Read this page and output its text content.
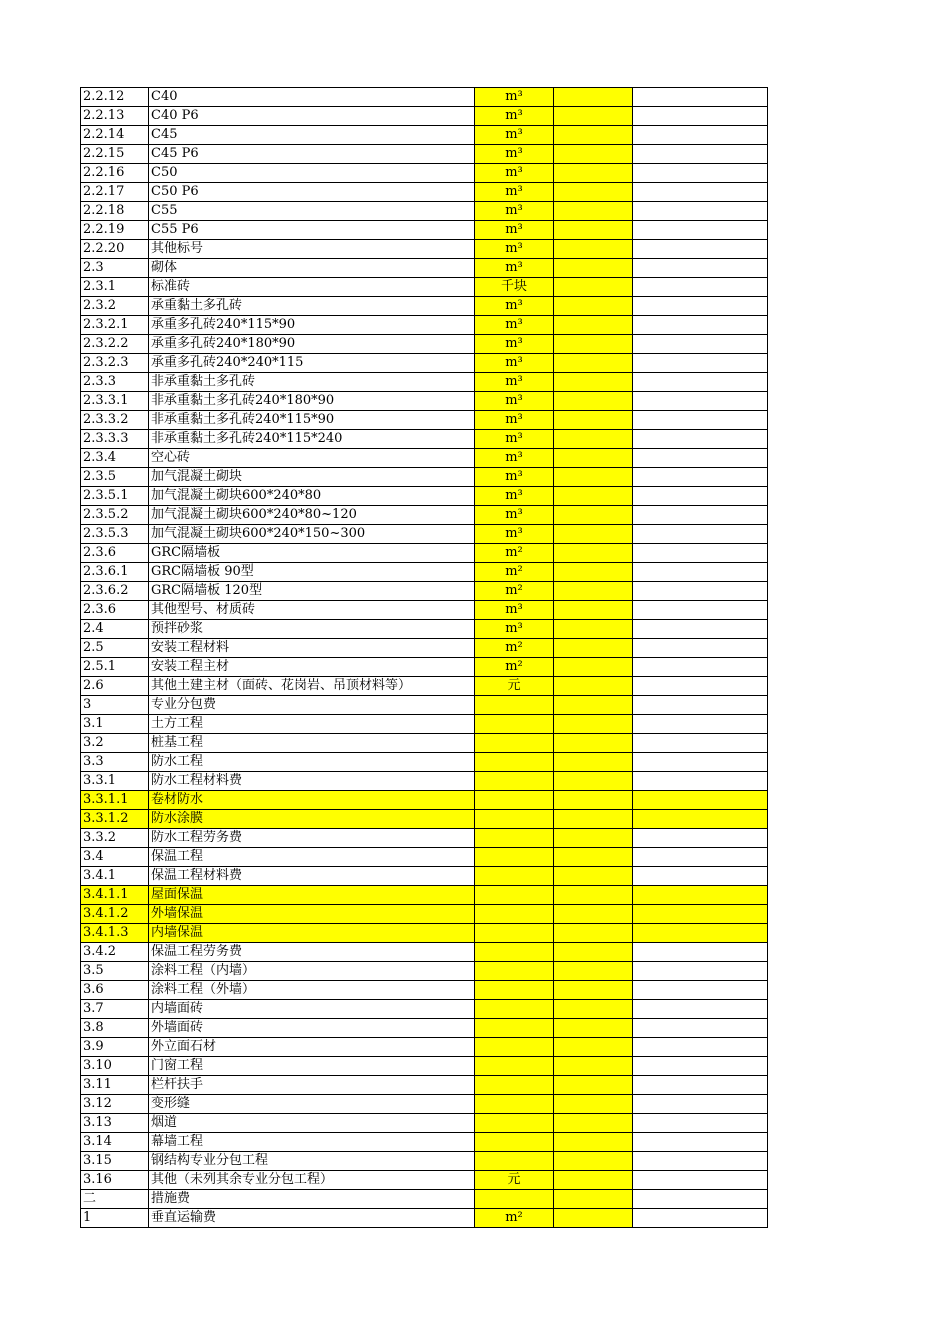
2.2.12	C40	m³		
2.2.13	C40 P6	m³		
2.2.14	C45	m³		
2.2.15	C45 P6	m³		
2.2.16	C50	m³		
2.2.17	C50 P6	m³		
2.2.18	C55	m³		
2.2.19	C55 P6	m³		
2.2.20	其他标号	m³		
2.3	砌体	m³		
2.3.1	标准砖	千块		
2.3.2	承重黏土多孔砖	m³		
2.3.2.1	承重多孔砖240*115*90	m³		
2.3.2.2	承重多孔砖240*180*90	m³		
2.3.2.3	承重多孔砖240*240*115	m³		
2.3.3	非承重黏土多孔砖	m³		
2.3.3.1	非承重黏土多孔砖240*180*90	m³		
2.3.3.2	非承重黏土多孔砖240*115*90	m³		
2.3.3.3	非承重黏土多孔砖240*115*240	m³		
2.3.4	空心砖	m³		
2.3.5	加气混凝土砌块	m³		
2.3.5.1	加气混凝土砌块600*240*80	m³		
2.3.5.2	加气混凝土砌块600*240*80~120	m³		
2.3.5.3	加气混凝土砌块600*240*150~300	m³		
2.3.6	GRC隔墙板	m²		
2.3.6.1	GRC隔墙板 90型	m²		
2.3.6.2	GRC隔墙板 120型	m²		
2.3.6	其他型号、材质砖	m³		
2.4	预拌砂浆	m³		
2.5	安装工程材料	m²		
2.5.1	安装工程主材	m²		
2.6	其他土建主材（面砖、花岗岩、吊顶材料等）	元		
3	专业分包费			
3.1	土方工程			
3.2	桩基工程			
3.3	防水工程			
3.3.1	防水工程材料费			
3.3.1.1	卷材防水			
3.3.1.2	防水涂膜			
3.3.2	防水工程劳务费			
3.4	保温工程			
3.4.1	保温工程材料费			
3.4.1.1	屋面保温			
3.4.1.2	外墙保温			
3.4.1.3	内墙保温			
3.4.2	保温工程劳务费			
3.5	涂料工程（内墙）			
3.6	涂料工程（外墙）			
3.7	内墙面砖			
3.8	外墙面砖			
3.9	外立面石材			
3.10	门窗工程			
3.11	栏杆扶手			
3.12	变形缝			
3.13	烟道			
3.14	幕墙工程			
3.15	钢结构专业分包工程			
3.16	其他（未列其余专业分包工程）	元		
二	措施费			
1	垂直运输费	m²		
